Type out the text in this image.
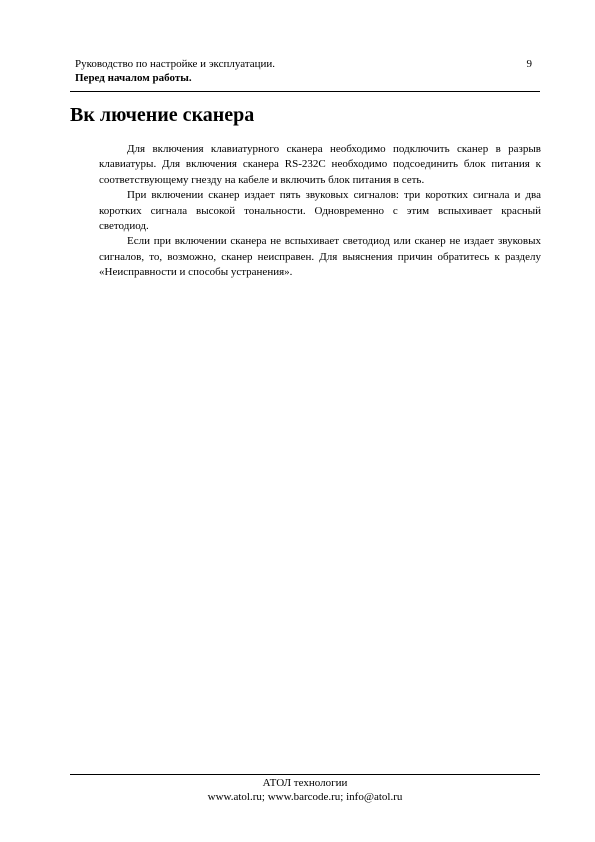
Руководство по настройке и эксплуатации.
Перед началом работы.
9
Вк лючение сканера

Для включения клавиатурного сканера необходимо подключить сканер в разрыв клавиатуры. Для включения сканера RS-232C необходимо подсоединить блок питания к соответствующему гнезду на кабеле и включить блок питания в сеть.

При включении сканер издает пять звуковых сигналов: три коротких сигнала и два коротких сигнала высокой тональности. Одновременно с этим вспыхивает красный светодиод.

Если при включении сканера не вспыхивает светодиод или сканер не издает звуковых сигналов, то, возможно, сканер неисправен. Для выяснения причин обратитесь к разделу «Неисправности и способы устранения».

АТОЛ технологии
www.atol.ru; www.barcode.ru; info@atol.ru
